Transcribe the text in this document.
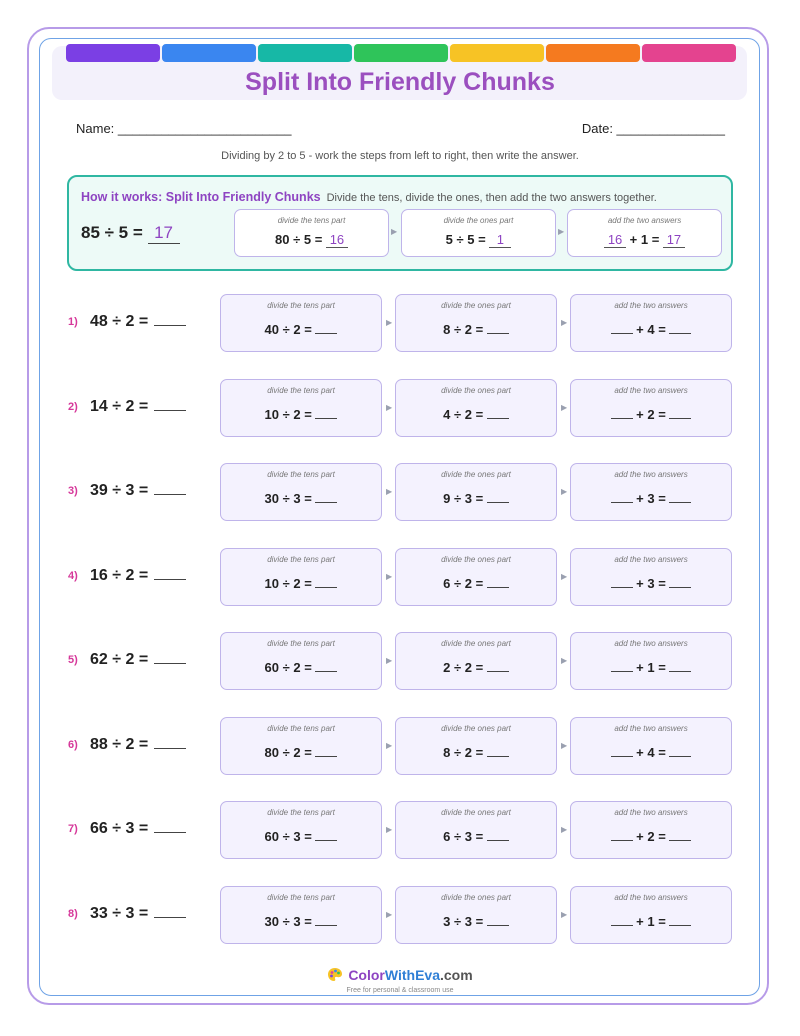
Split Into Friendly Chunks
Name: ________________________	Date: _______________
Dividing by 2 to 5 - work the steps from left to right, then write the answer.
How it works: Split Into Friendly Chunks Divide the tens, divide the ones, then add the two answers together.
85 ÷ 5 = 17
divide the tens part
80 ÷ 5 = 16
▶
divide the ones part
5 ÷ 5 = 1
▶
add the two answers
16 + 1 = 17
1) 48 ÷ 2 =
divide the tens part
40 ÷ 2 =	▶
divide the ones part
8 ÷ 2 =	▶
add the two answers
+ 4 =
2) 14 ÷ 2 =
divide the tens part
10 ÷ 2 =	▶
divide the ones part
4 ÷ 2 =	▶
add the two answers
+ 2 =
3) 39 ÷ 3 =
divide the tens part
30 ÷ 3 =	▶
divide the ones part
9 ÷ 3 =	▶
add the two answers
+ 3 =
4) 16 ÷ 2 =
divide the tens part
10 ÷ 2 =	▶
divide the ones part
6 ÷ 2 =	▶
add the two answers
+ 3 =
5) 62 ÷ 2 =
divide the tens part
60 ÷ 2 =	▶
divide the ones part
2 ÷ 2 =	▶
add the two answers
+ 1 =
6) 88 ÷ 2 =
divide the tens part
80 ÷ 2 =	▶
divide the ones part
8 ÷ 2 =	▶
add the two answers
+ 4 =
7) 66 ÷ 3 =
divide the tens part
60 ÷ 3 =	▶
divide the ones part
6 ÷ 3 =	▶
add the two answers
+ 2 =
8) 33 ÷ 3 =
divide the tens part
30 ÷ 3 =	▶
divide the ones part
3 ÷ 3 =	▶
add the two answers
+ 1 =
ColorWithEva.com
Free for personal & classroom use
